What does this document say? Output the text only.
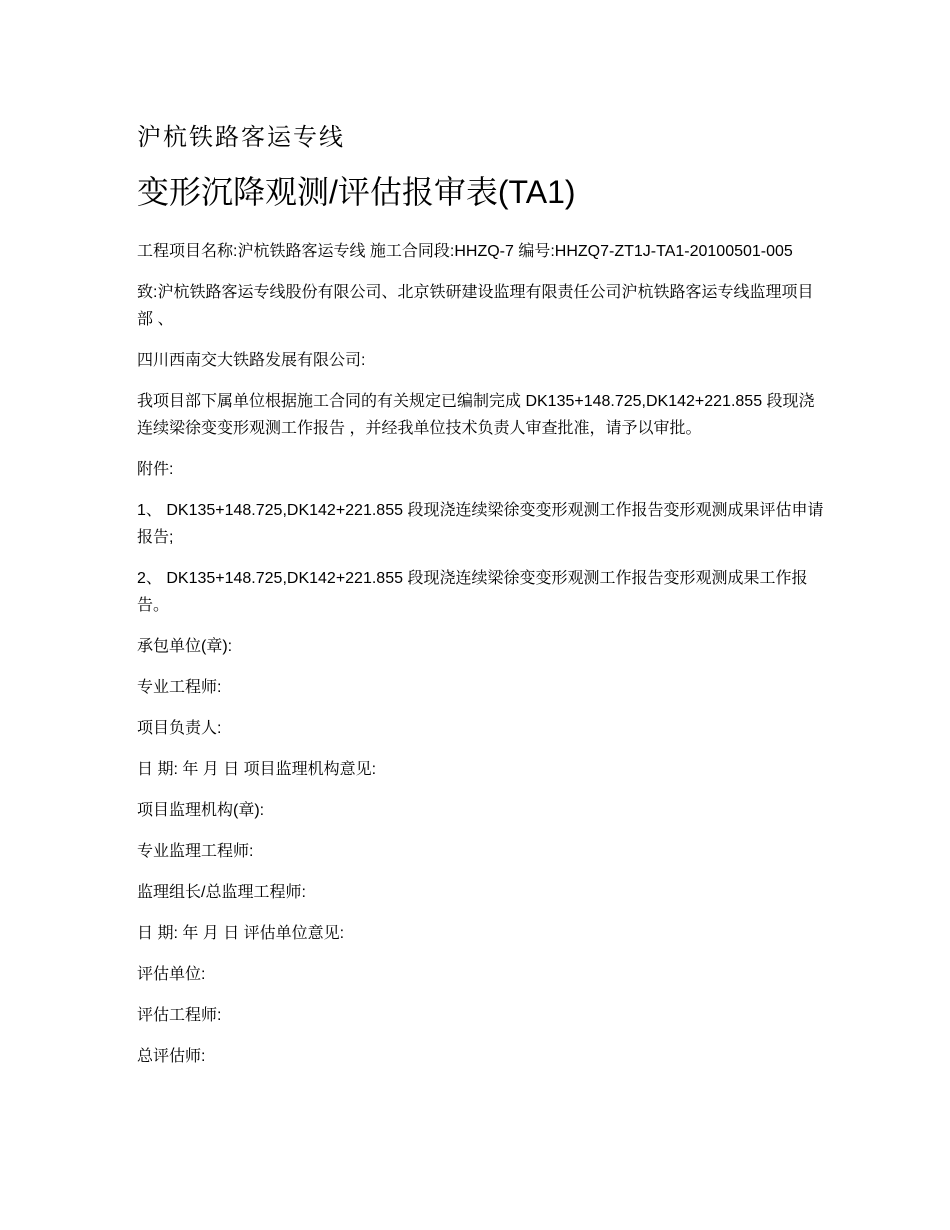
沪杭铁路客运专线
变形沉降观测/评估报审表(TA1)

工程项目名称:沪杭铁路客运专线 施工合同段:HHZQ-7 编号:HHZQ7-ZT1J-TA1-20100501-005

致:沪杭铁路客运专线股份有限公司、北京铁研建设监理有限责任公司沪杭铁路客运专线监理项目部 、

四川西南交大铁路发展有限公司:

我项目部下属单位根据施工合同的有关规定已编制完成 DK135+148.725,DK142+221.855 段现浇连续梁徐变变形观测工作报告 ，并经我单位技术负责人审查批准，请予以审批。

附件:

1、 DK135+148.725,DK142+221.855 段现浇连续梁徐变变形观测工作报告变形观测成果评估申请报告;

2、 DK135+148.725,DK142+221.855 段现浇连续梁徐变变形观测工作报告变形观测成果工作报告。

承包单位(章):

专业工程师:

项目负责人:

日 期: 年 月 日 项目监理机构意见:

项目监理机构(章):

专业监理工程师:

监理组长/总监理工程师:

日 期: 年 月 日 评估单位意见:

评估单位:

评估工程师:

总评估师:
